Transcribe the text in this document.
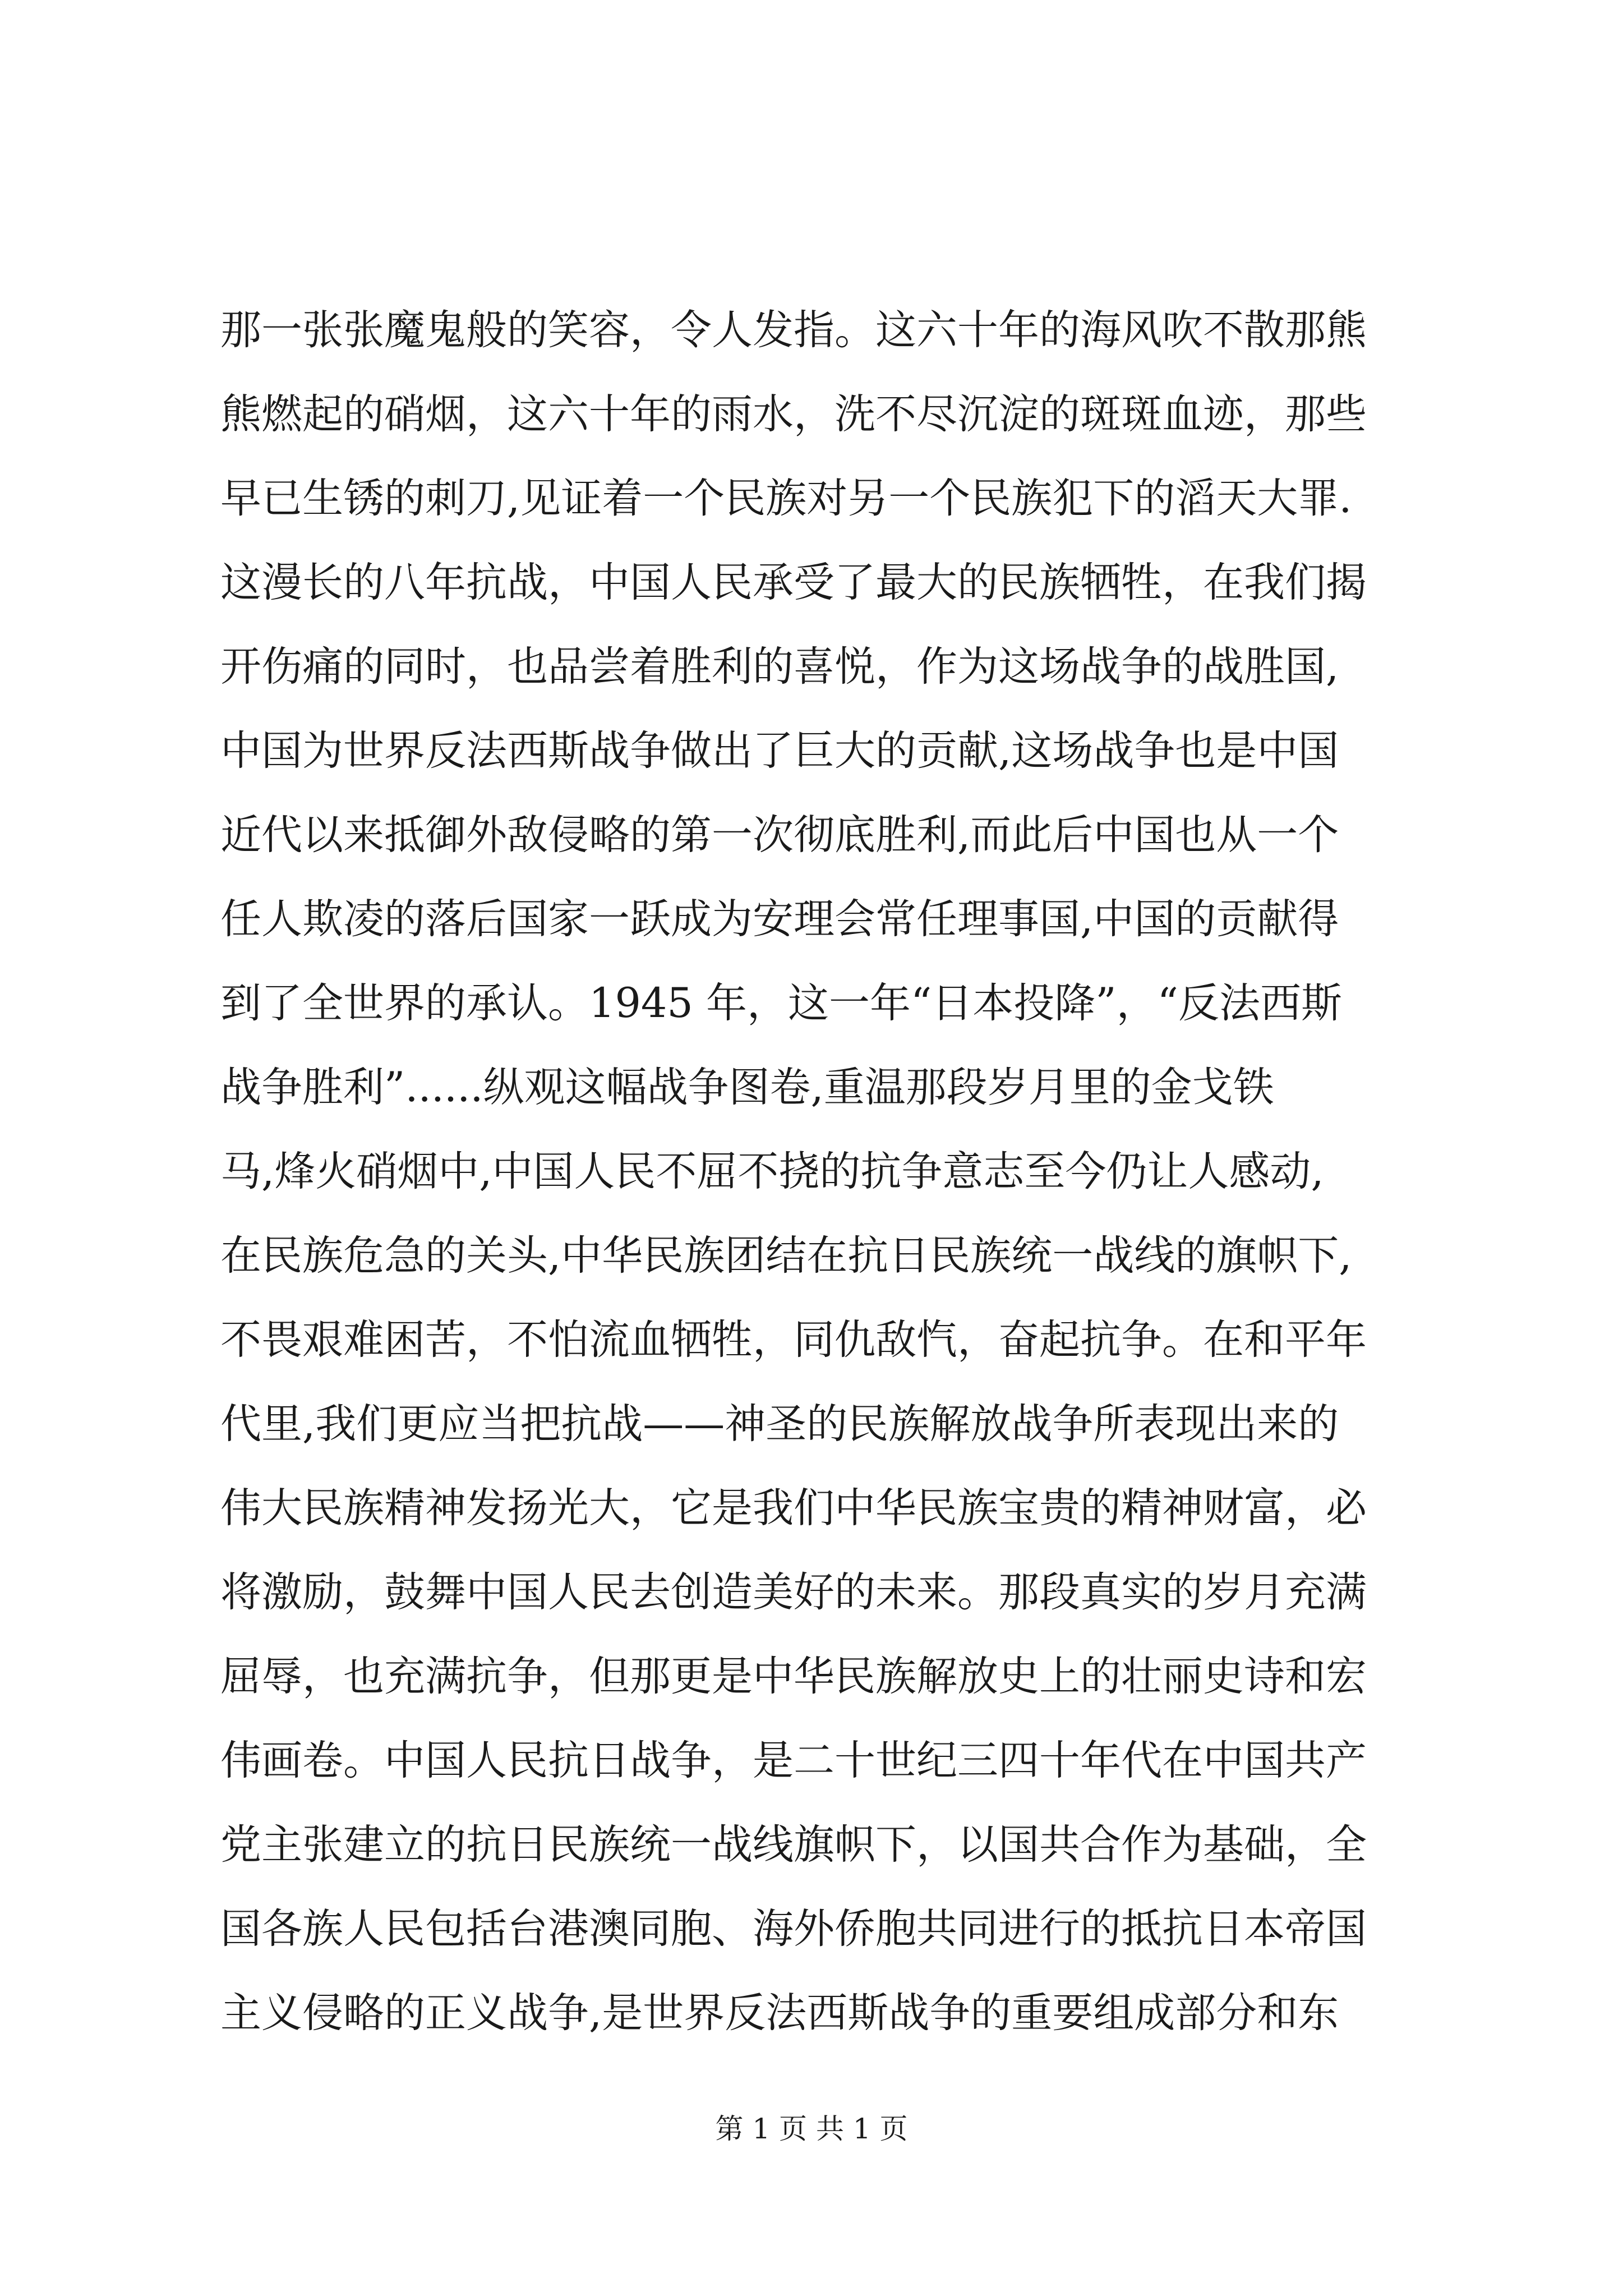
那一张张魔鬼般的笑容，令人发指。这六十年的海风吹不散那熊
熊燃起的硝烟，这六十年的雨水，洗不尽沉淀的斑斑血迹，那些
早已生锈的刺刀,见证着一个民族对另一个民族犯下的滔天大罪.
这漫长的八年抗战，中国人民承受了最大的民族牺牲，在我们揭
开伤痛的同时，也品尝着胜利的喜悦，作为这场战争的战胜国,
中国为世界反法西斯战争做出了巨大的贡献,这场战争也是中国
近代以来抵御外敌侵略的第一次彻底胜利,而此后中国也从一个
任人欺凌的落后国家一跃成为安理会常任理事国,中国的贡献得
到了全世界的承认。1945 年，这一年“日本投降”，“反法西斯
战争胜利”......纵观这幅战争图卷,重温那段岁月里的金戈铁
马,烽火硝烟中,中国人民不屈不挠的抗争意志至今仍让人感动,
在民族危急的关头,中华民族团结在抗日民族统一战线的旗帜下,
不畏艰难困苦，不怕流血牺牲，同仇敌忾，奋起抗争。在和平年
代里,我们更应当把抗战——神圣的民族解放战争所表现出来的
伟大民族精神发扬光大，它是我们中华民族宝贵的精神财富，必
将激励，鼓舞中国人民去创造美好的未来。那段真实的岁月充满
屈辱，也充满抗争，但那更是中华民族解放史上的壮丽史诗和宏
伟画卷。中国人民抗日战争，是二十世纪三四十年代在中国共产
党主张建立的抗日民族统一战线旗帜下，以国共合作为基础，全
国各族人民包括台港澳同胞、海外侨胞共同进行的抵抗日本帝国
主义侵略的正义战争,是世界反法西斯战争的重要组成部分和东
第 1 页 共 1 页
